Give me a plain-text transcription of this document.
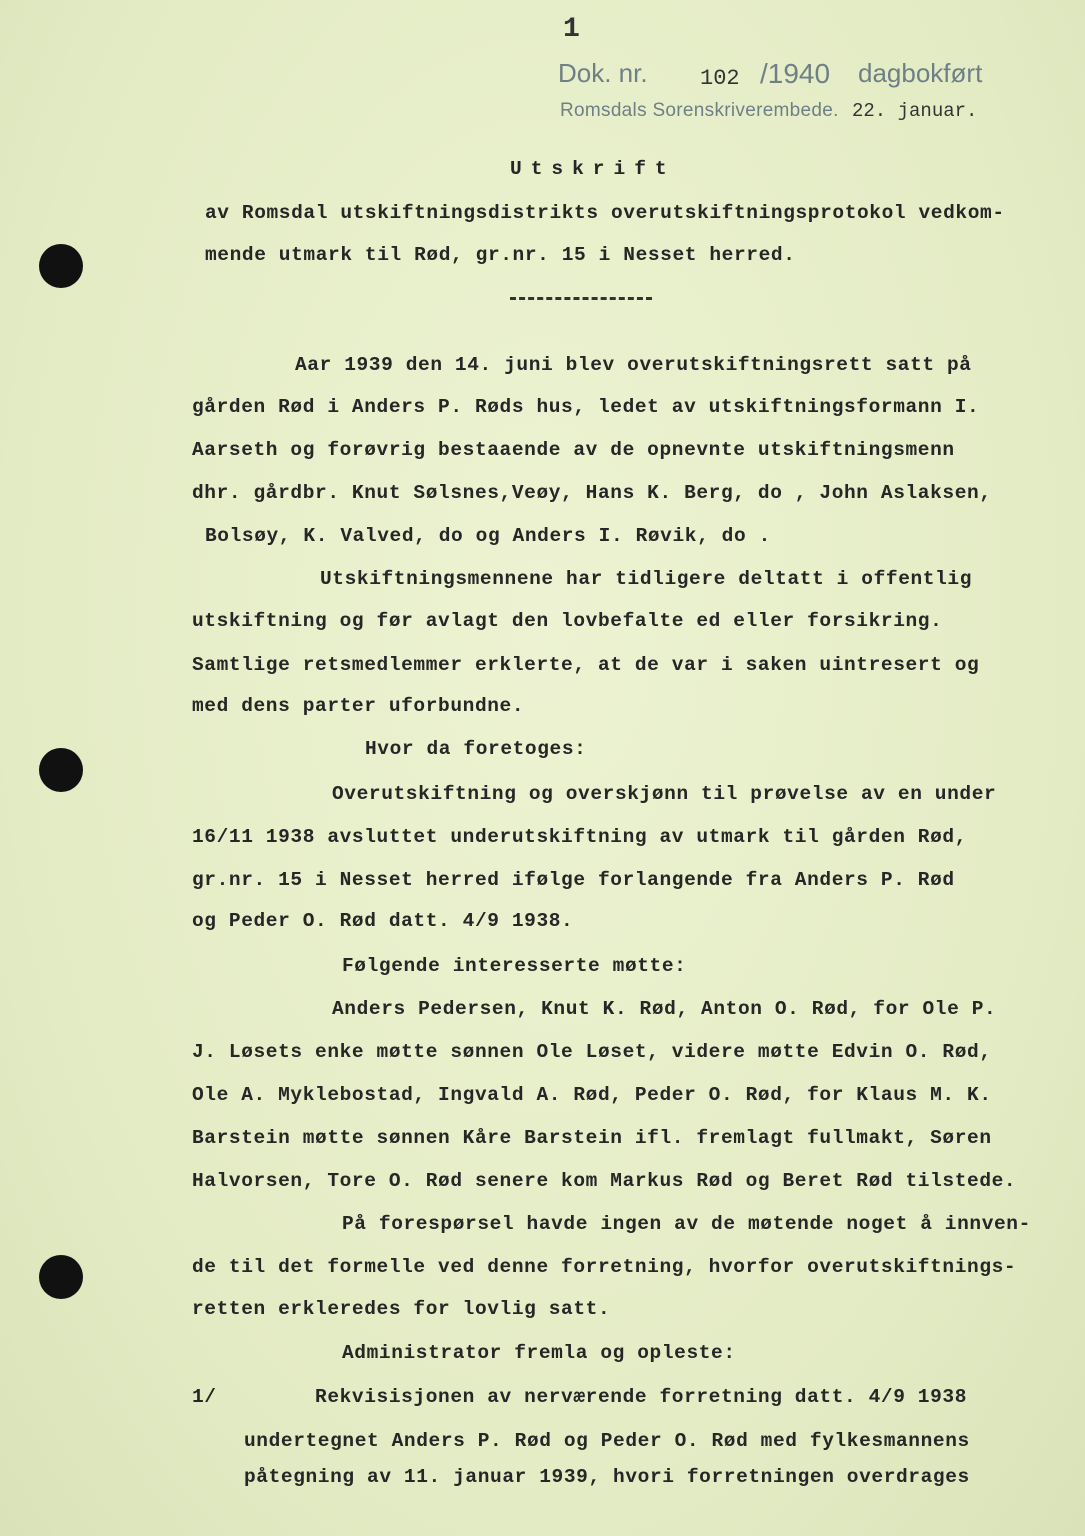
1
Dok. nr. 102 /1940 dagbokført
Romsdals Sorenskriverembede. 22. januar.
Utskrift
av Romsdal utskiftningsdistrikts overutskiftningsprotokol vedkom-
mende utmark til Rød, gr.nr. 15 i Nesset herred.
Aar 1939 den 14. juni blev overutskiftningsrett satt på
gården Rød i Anders P. Røds hus, ledet av utskiftningsformann I.
Aarseth og forøvrig bestaaende av de opnevnte utskiftningsmenn
dhr. gårdbr. Knut Sølsnes,Veøy, Hans K. Berg, do , John Aslaksen,
Bolsøy, K. Valved, do og Anders I. Røvik, do .
Utskiftningsmennene har tidligere deltatt i offentlig
utskiftning og før avlagt den lovbefalte ed eller forsikring.
Samtlige retsmedlemmer erklerte, at de var i saken uintresert og
med dens parter uforbundne.
Hvor da foretoges:
Overutskiftning og overskjønn til prøvelse av en under
16/11 1938 avsluttet underutskiftning av utmark til gården Rød,
gr.nr. 15 i Nesset herred ifølge forlangende fra Anders P. Rød
og Peder O. Rød datt. 4/9 1938.
Følgende interesserte møtte:
Anders Pedersen, Knut K. Rød, Anton O. Rød, for Ole P.
J. Løsets enke møtte sønnen Ole Løset, videre møtte Edvin O. Rød,
Ole A. Myklebostad, Ingvald A. Rød, Peder O. Rød, for Klaus M. K.
Barstein møtte sønnen Kåre Barstein ifl. fremlagt fullmakt, Søren
Halvorsen, Tore O. Rød senere kom Markus Rød og Beret Rød tilstede.
På forespørsel havde ingen av de møtende noget å innven-
de til det formelle ved denne forretning, hvorfor overutskiftnings-
retten erkleredes for lovlig satt.
Administrator fremla og opleste:
1/        Rekvisisjonen av nerværende forretning datt. 4/9 1938
undertegnet Anders P. Rød og Peder O. Rød med fylkesmannens
påtegning av 11. januar 1939, hvori forretningen overdrages
